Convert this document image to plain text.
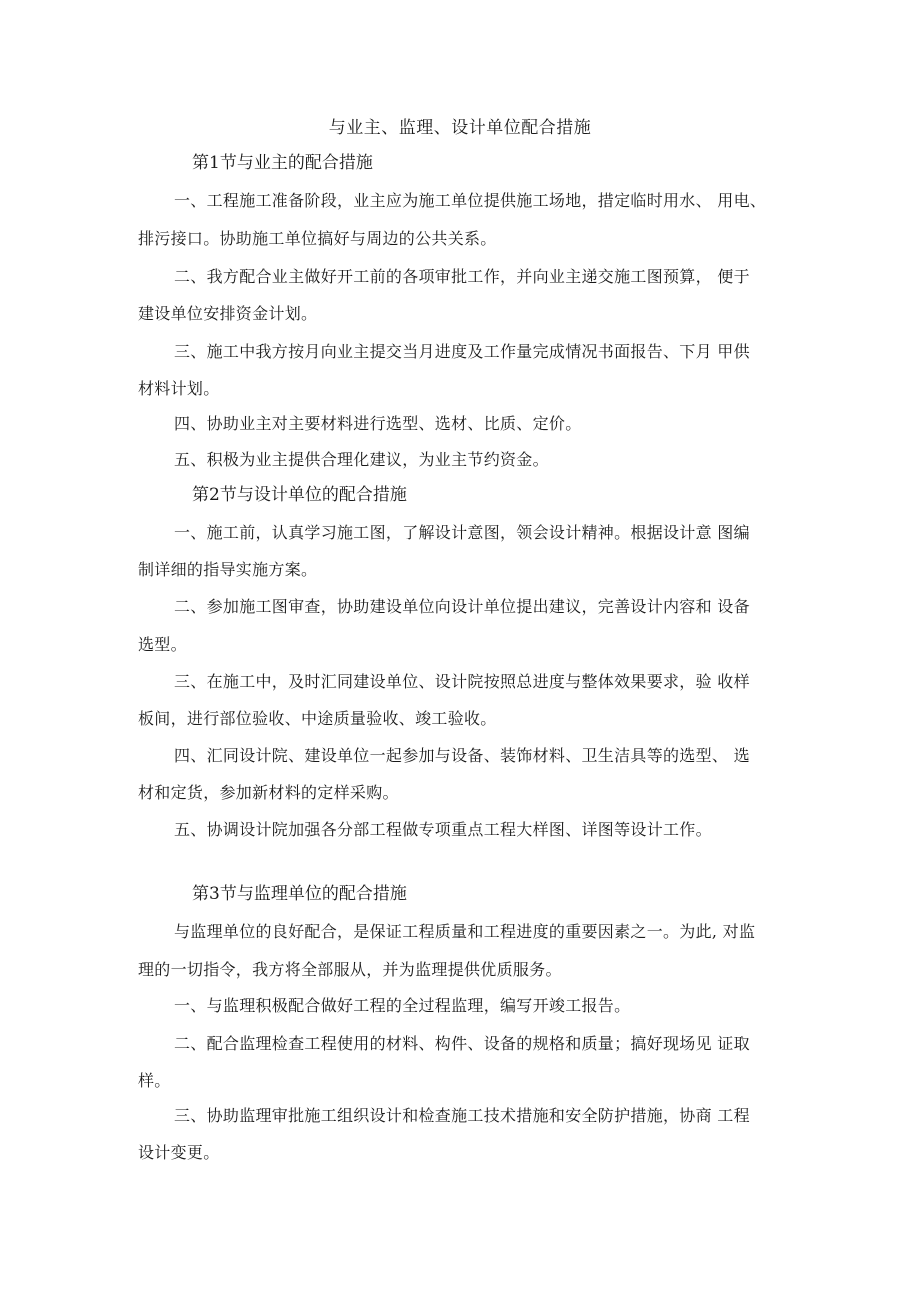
与业主、监理、设计单位配合措施
第1节与业主的配合措施
一、工程施工准备阶段，业主应为施工单位提供施工场地，措定临时用水、 用电、
排污接口。协助施工单位搞好与周边的公共关系。
二、我方配合业主做好开工前的各项审批工作，并向业主递交施工图预算， 便于
建设单位安排资金计划。
三、施工中我方按月向业主提交当月进度及工作量完成情况书面报告、下月 甲供
材料计划。
四、协助业主对主要材料进行选型、选材、比质、定价。
五、积极为业主提供合理化建议，为业主节约资金。
第2节与设计单位的配合措施
一、施工前，认真学习施工图，了解设计意图，领会设计精神。根据设计意 图编
制详细的指导实施方案。
二、参加施工图审查，协助建设单位向设计单位提出建议，完善设计内容和 设备
选型。
三、在施工中，及时汇同建设单位、设计院按照总进度与整体效果要求，验 收样
板间，进行部位验收、中途质量验收、竣工验收。
四、汇同设计院、建设单位一起参加与设备、装饰材料、卫生洁具等的选型、 选
材和定货，参加新材料的定样采购。
五、协调设计院加强各分部工程做专项重点工程大样图、详图等设计工作。
第3节与监理单位的配合措施
与监理单位的良好配合，是保证工程质量和工程进度的重要因素之一。为此, 对监
理的一切指令，我方将全部服从，并为监理提供优质服务。
一、与监理积极配合做好工程的全过程监理，编写开竣工报告。
二、配合监理检查工程使用的材料、构件、设备的规格和质量；搞好现场见 证取
样。
三、协助监理审批施工组织设计和检查施工技术措施和安全防护措施，协商 工程
设计变更。
